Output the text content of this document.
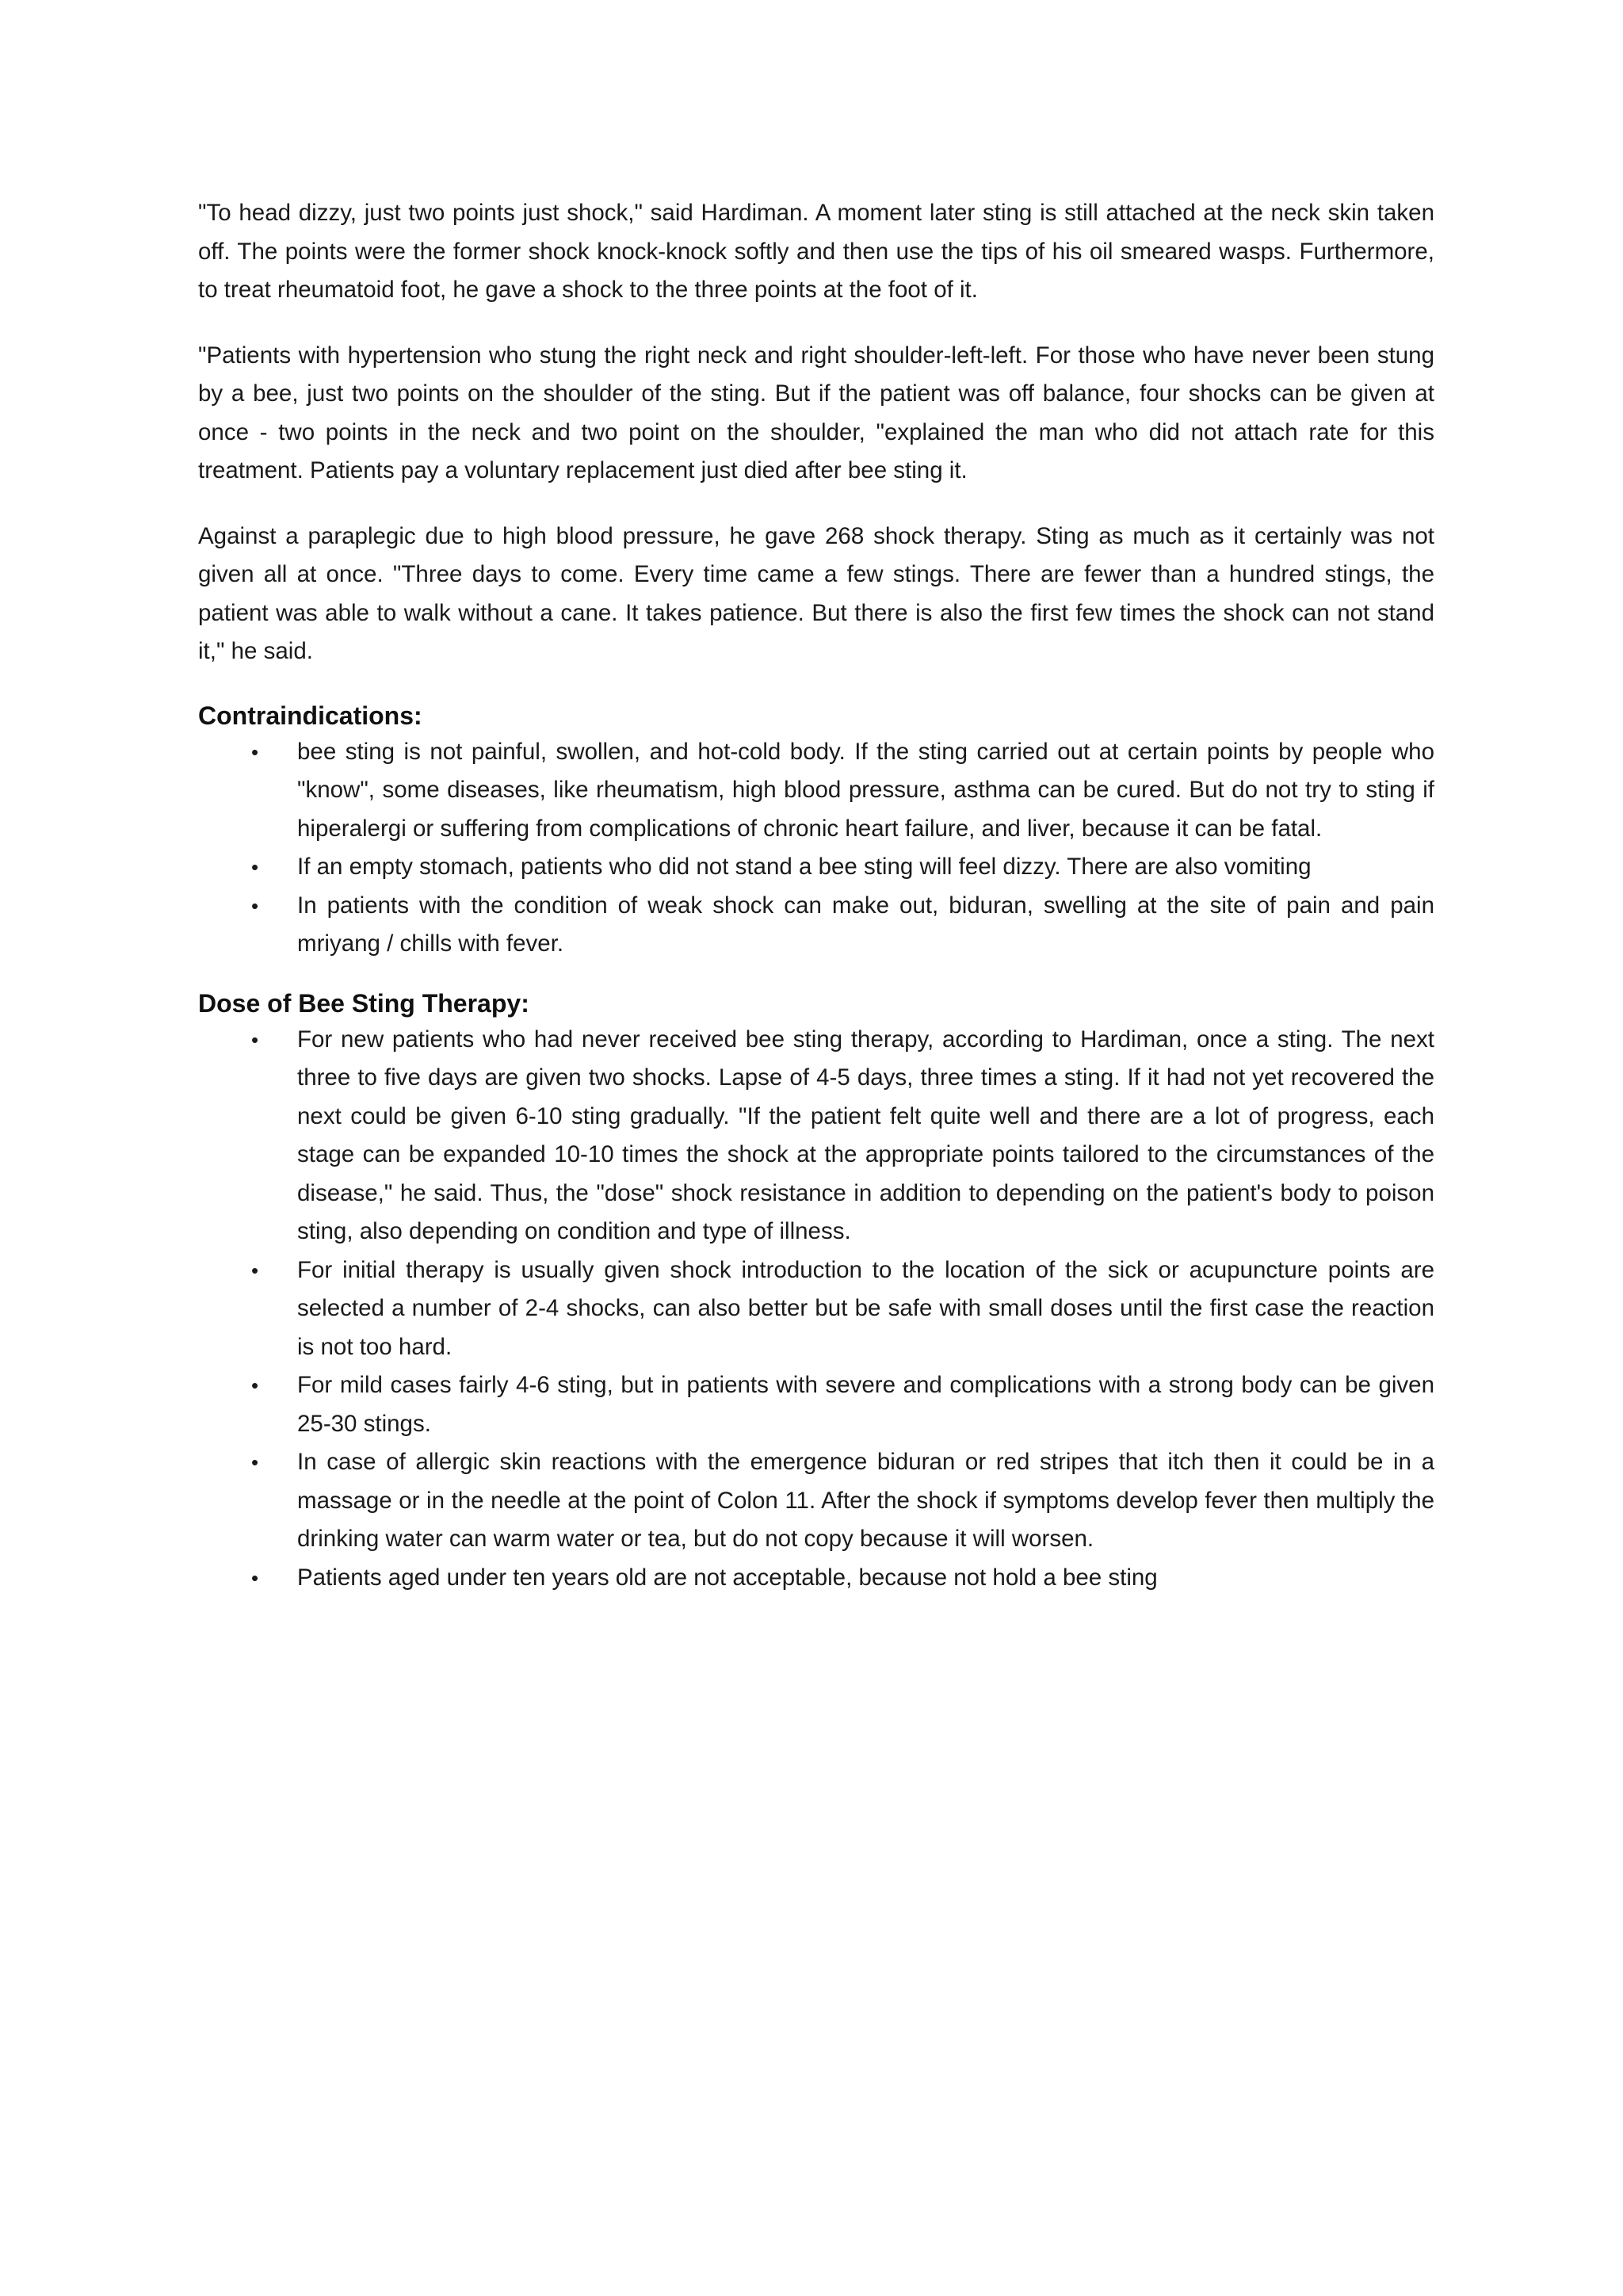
"To head dizzy, just two points just shock," said Hardiman. A moment later sting is still attached at the neck skin taken off. The points were the former shock knock-knock softly and then use the tips of his oil smeared wasps. Furthermore, to treat rheumatoid foot, he gave a shock to the three points at the foot of it.

"Patients with hypertension who stung the right neck and right shoulder-left-left. For those who have never been stung by a bee, just two points on the shoulder of the sting. But if the patient was off balance, four shocks can be given at once - two points in the neck and two point on the shoulder, "explained the man who did not attach rate for this treatment. Patients pay a voluntary replacement just died after bee sting it.

Against a paraplegic due to high blood pressure, he gave 268 shock therapy. Sting as much as it certainly was not given all at once. "Three days to come. Every time came a few stings. There are fewer than a hundred stings, the patient was able to walk without a cane. It takes patience. But there is also the first few times the shock can not stand it," he said.

Contraindications:
• bee sting is not painful, swollen, and hot-cold body. If the sting carried out at certain points by people who "know", some diseases, like rheumatism, high blood pressure, asthma can be cured. But do not try to sting if hiperalergi or suffering from complications of chronic heart failure, and liver, because it can be fatal.
• If an empty stomach, patients who did not stand a bee sting will feel dizzy. There are also vomiting
• In patients with the condition of weak shock can make out, biduran, swelling at the site of pain and pain mriyang / chills with fever.
Dose of Bee Sting Therapy:
• For new patients who had never received bee sting therapy, according to Hardiman, once a sting. The next three to five days are given two shocks. Lapse of 4-5 days, three times a sting. If it had not yet recovered the next could be given 6-10 sting gradually. "If the patient felt quite well and there are a lot of progress, each stage can be expanded 10-10 times the shock at the appropriate points tailored to the circumstances of the disease," he said. Thus, the "dose" shock resistance in addition to depending on the patient's body to poison sting, also depending on condition and type of illness.
• For initial therapy is usually given shock introduction to the location of the sick or acupuncture points are selected a number of 2-4 shocks, can also better but be safe with small doses until the first case the reaction is not too hard.
• For mild cases fairly 4-6 sting, but in patients with severe and complications with a strong body can be given 25-30 stings.
• In case of allergic skin reactions with the emergence biduran or red stripes that itch then it could be in a massage or in the needle at the point of Colon 11. After the shock if symptoms develop fever then multiply the drinking water can warm water or tea, but do not copy because it will worsen.
• Patients aged under ten years old are not acceptable, because not hold a bee sting
